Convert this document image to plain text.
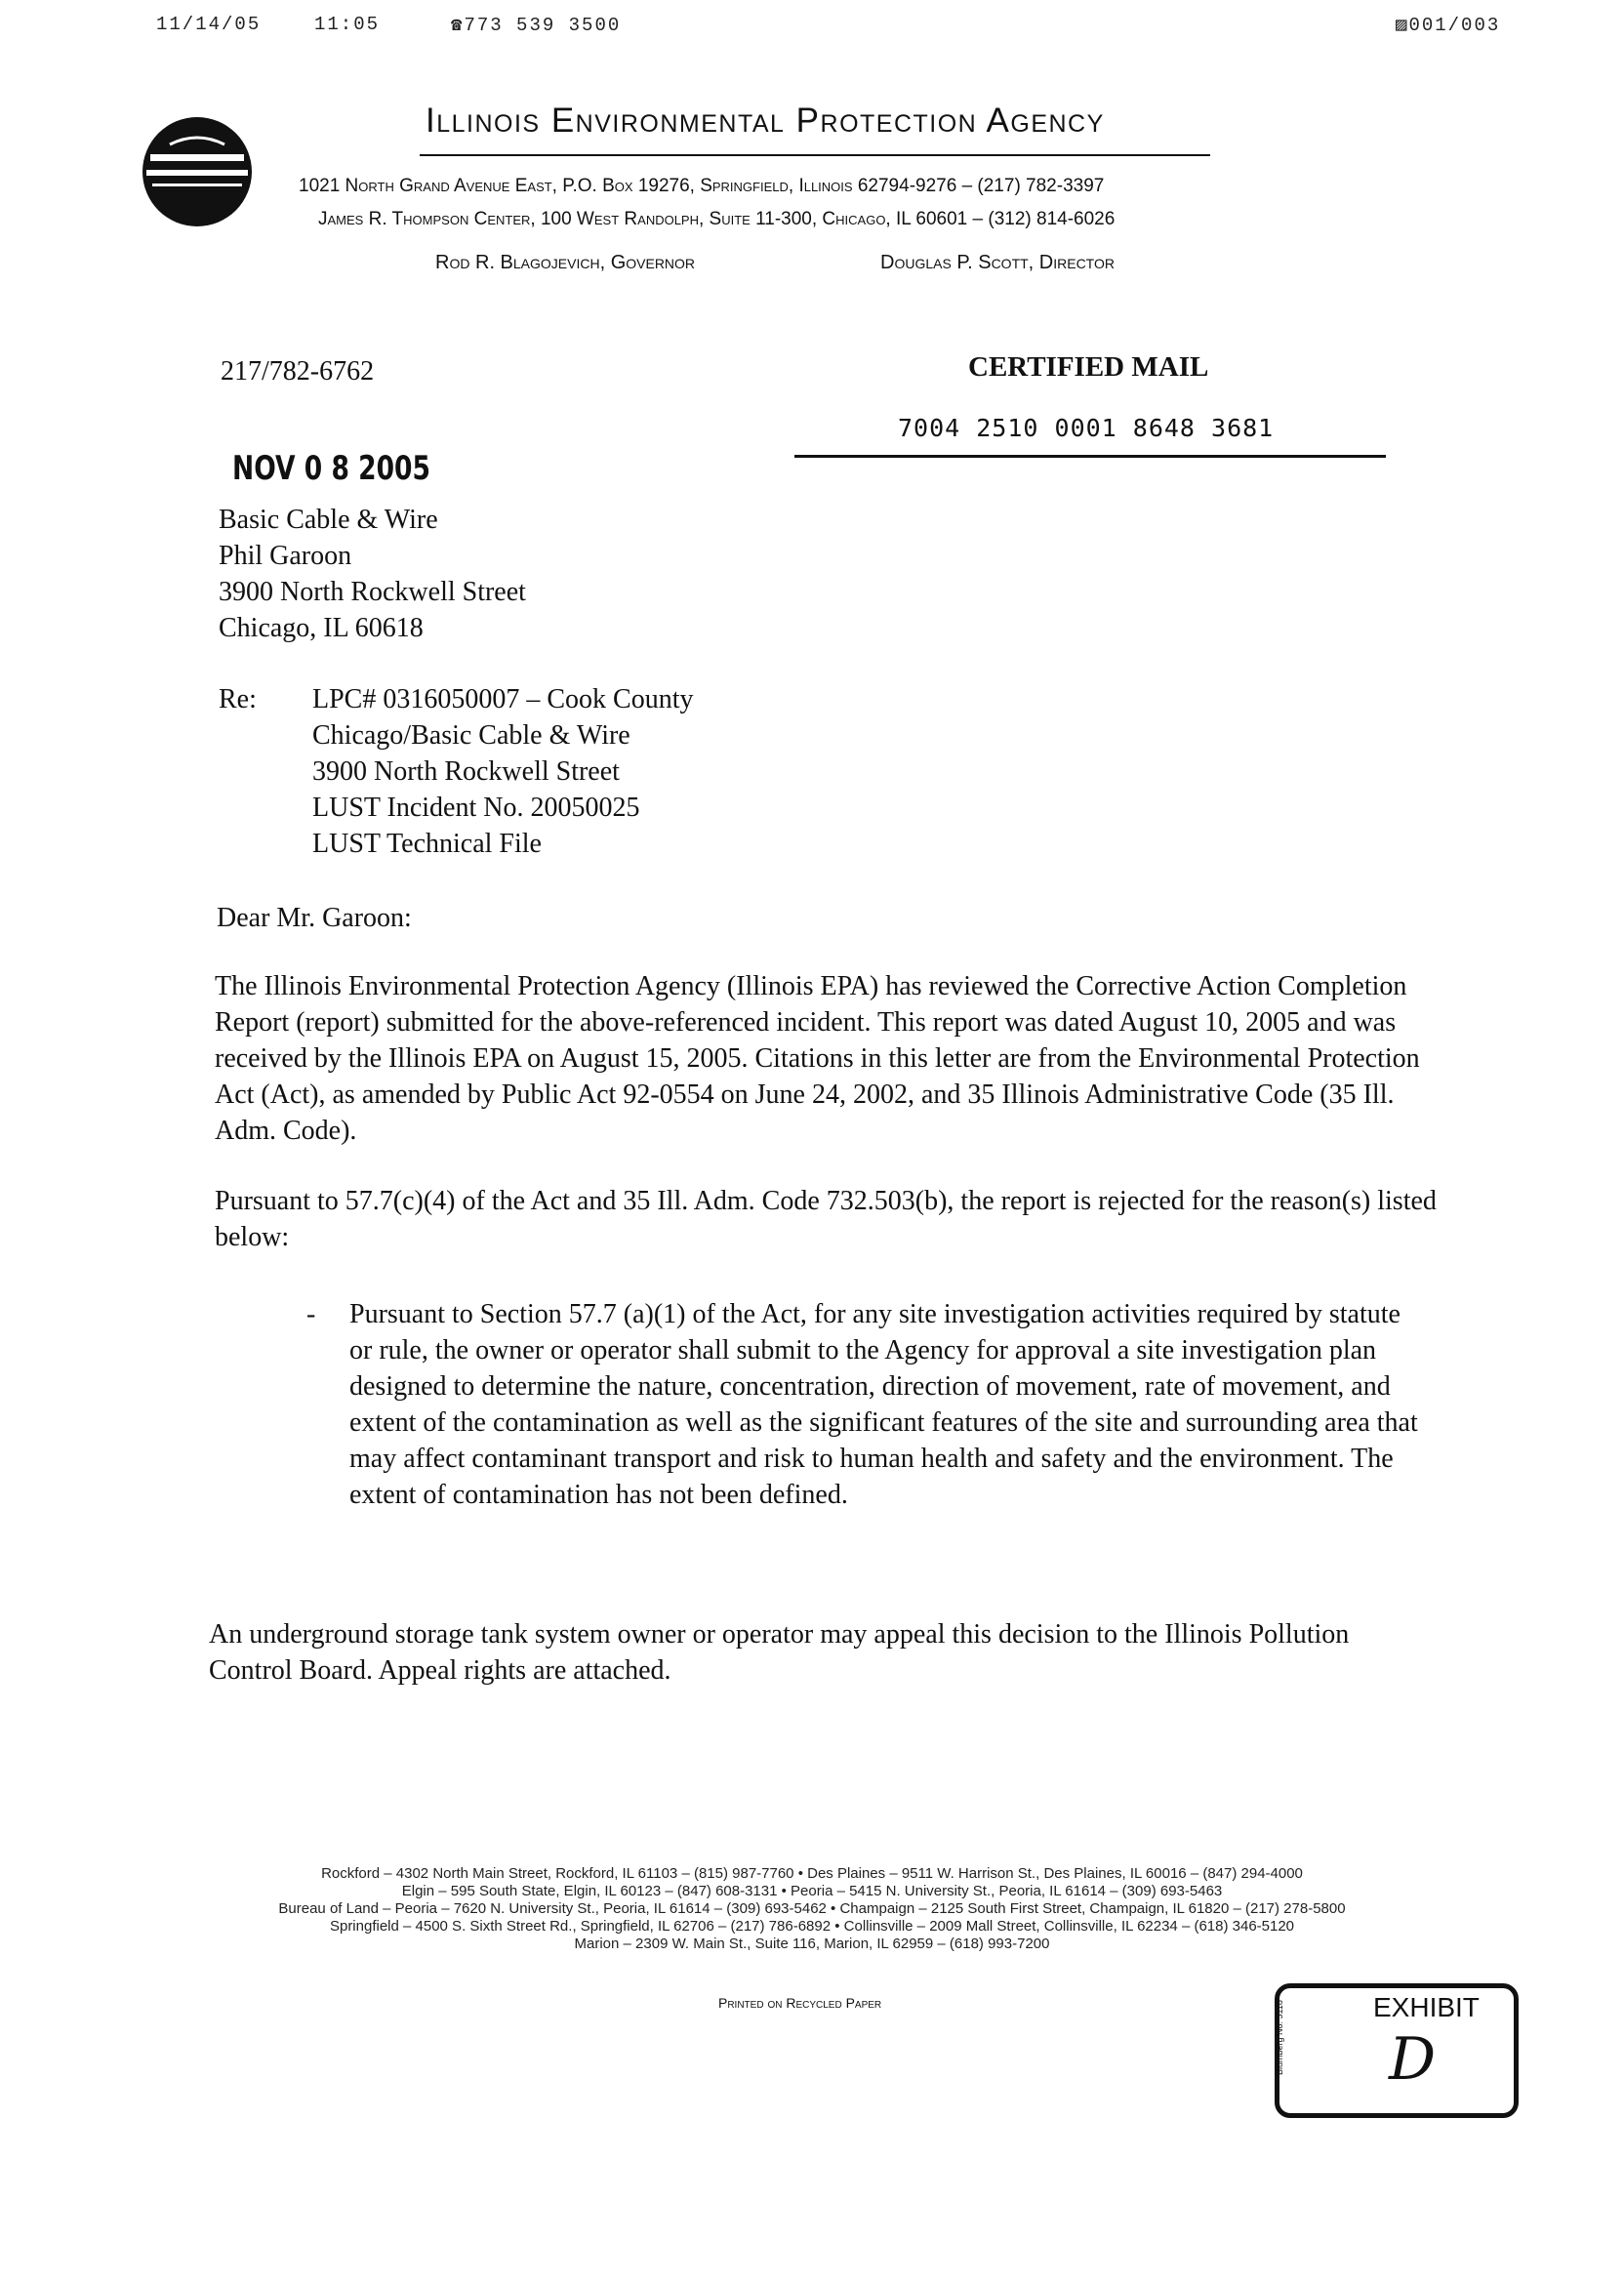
11/14/05	11:05	☎773 539 3500	▨001/003
Illinois Environmental Protection Agency
1021 North Grand Avenue East, P.O. Box 19276, Springfield, Illinois 62794-9276 – (217) 782-3397
James R. Thompson Center, 100 West Randolph, Suite 11-300, Chicago, IL 60601 – (312) 814-6026
Rod R. Blagojevich, Governor	Douglas P. Scott, Director
217/782-6762	CERTIFIED MAIL
7004 2510 0001 8648 3681
NOV 0 8 2005
Basic Cable & Wire
Phil Garoon
3900 North Rockwell Street
Chicago, IL 60618
Re: LPC# 0316050007 – Cook County
Chicago/Basic Cable & Wire
3900 North Rockwell Street
LUST Incident No. 20050025
LUST Technical File
Dear Mr. Garoon:
The Illinois Environmental Protection Agency (Illinois EPA) has reviewed the Corrective Action Completion Report (report) submitted for the above-referenced incident. This report was dated August 10, 2005 and was received by the Illinois EPA on August 15, 2005. Citations in this letter are from the Environmental Protection Act (Act), as amended by Public Act 92-0554 on June 24, 2002, and 35 Illinois Administrative Code (35 Ill. Adm. Code).
Pursuant to 57.7(c)(4) of the Act and 35 Ill. Adm. Code 732.503(b), the report is rejected for the reason(s) listed below:
- Pursuant to Section 57.7 (a)(1) of the Act, for any site investigation activities required by statute or rule, the owner or operator shall submit to the Agency for approval a site investigation plan designed to determine the nature, concentration, direction of movement, rate of movement, and extent of the contamination as well as the significant features of the site and surrounding area that may affect contaminant transport and risk to human health and safety and the environment. The extent of contamination has not been defined.
An underground storage tank system owner or operator may appeal this decision to the Illinois Pollution Control Board. Appeal rights are attached.
Rockford – 4302 North Main Street, Rockford, IL 61103 – (815) 987-7760 • Des Plaines – 9511 W. Harrison St., Des Plaines, IL 60016 – (847) 294-4000
Elgin – 595 South State, Elgin, IL 60123 – (847) 608-3131 • Peoria – 5415 N. University St., Peoria, IL 61614 – (309) 693-5463
Bureau of Land – Peoria – 7620 N. University St., Peoria, IL 61614 – (309) 693-5462 • Champaign – 2125 South First Street, Champaign, IL 61820 – (217) 278-5800
Springfield – 4500 S. Sixth Street Rd., Springfield, IL 62706 – (217) 786-6892 • Collinsville – 2009 Mall Street, Collinsville, IL 62234 – (618) 346-5120
Marion – 2309 W. Main St., Suite 116, Marion, IL 62959 – (618) 993-7200
Printed on Recycled Paper	Blumberg No. 5118	EXHIBIT
D
